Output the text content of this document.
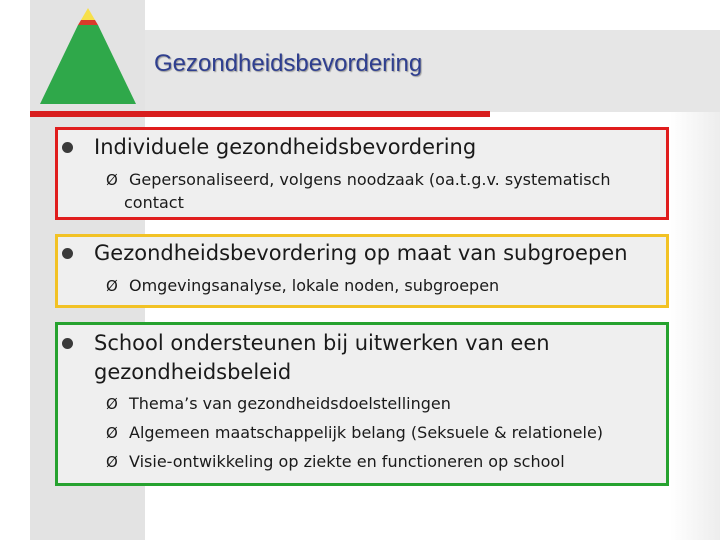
Gezondheidsbevordering

Individuele gezondheidsbevordering

Ø Gepersonaliseerd, volgens noodzaak (oa.t.g.v. systematisch
contact

Gezondheidsbevordering op maat van subgroepen

Ø Omgevingsanalyse, lokale noden, subgroepen

School ondersteunen bij uitwerken van een

gezondheidsbeleid

Ø Thema’s van gezondheidsdoelstellingen
Ø Algemeen maatschappelijk belang (Seksuele & relationele)
Ø Visie-ontwikkeling op ziekte en functioneren op school
